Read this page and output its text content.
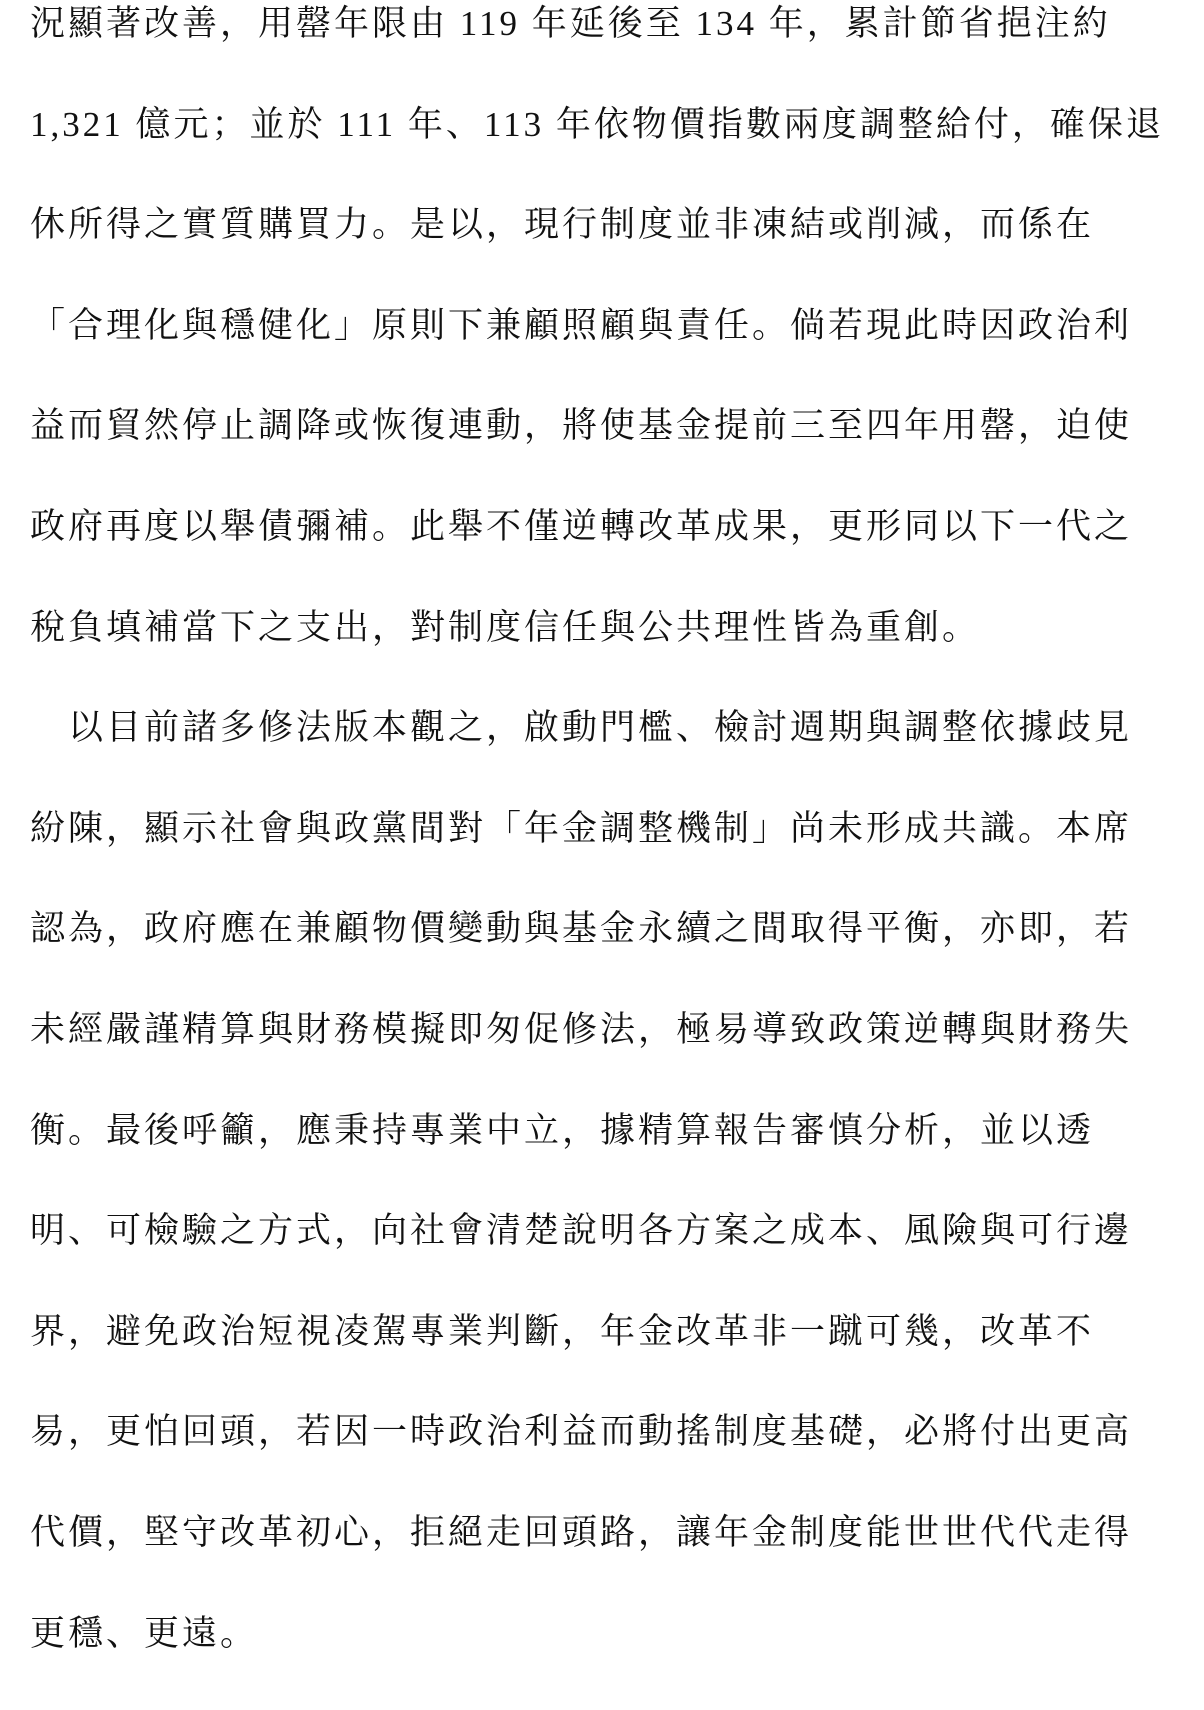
況顯著改善，用罄年限由 119 年延後至 134 年，累計節省挹注約
1,321 億元；並於 111 年、113 年依物價指數兩度調整給付，確保退
休所得之實質購買力。是以，現行制度並非凍結或削減，而係在
「合理化與穩健化」原則下兼顧照顧與責任。倘若現此時因政治利
益而貿然停止調降或恢復連動，將使基金提前三至四年用罄，迫使
政府再度以舉債彌補。此舉不僅逆轉改革成果，更形同以下一代之
稅負填補當下之支出，對制度信任與公共理性皆為重創。
以目前諸多修法版本觀之，啟動門檻、檢討週期與調整依據歧見
紛陳，顯示社會與政黨間對「年金調整機制」尚未形成共識。本席
認為，政府應在兼顧物價變動與基金永續之間取得平衡，亦即，若
未經嚴謹精算與財務模擬即匆促修法，極易導致政策逆轉與財務失
衡。最後呼籲，應秉持專業中立，據精算報告審慎分析，並以透
明、可檢驗之方式，向社會清楚說明各方案之成本、風險與可行邊
界，避免政治短視凌駕專業判斷，年金改革非一蹴可幾，改革不
易，更怕回頭，若因一時政治利益而動搖制度基礎，必將付出更高
代價，堅守改革初心，拒絕走回頭路，讓年金制度能世世代代走得
更穩、更遠。
